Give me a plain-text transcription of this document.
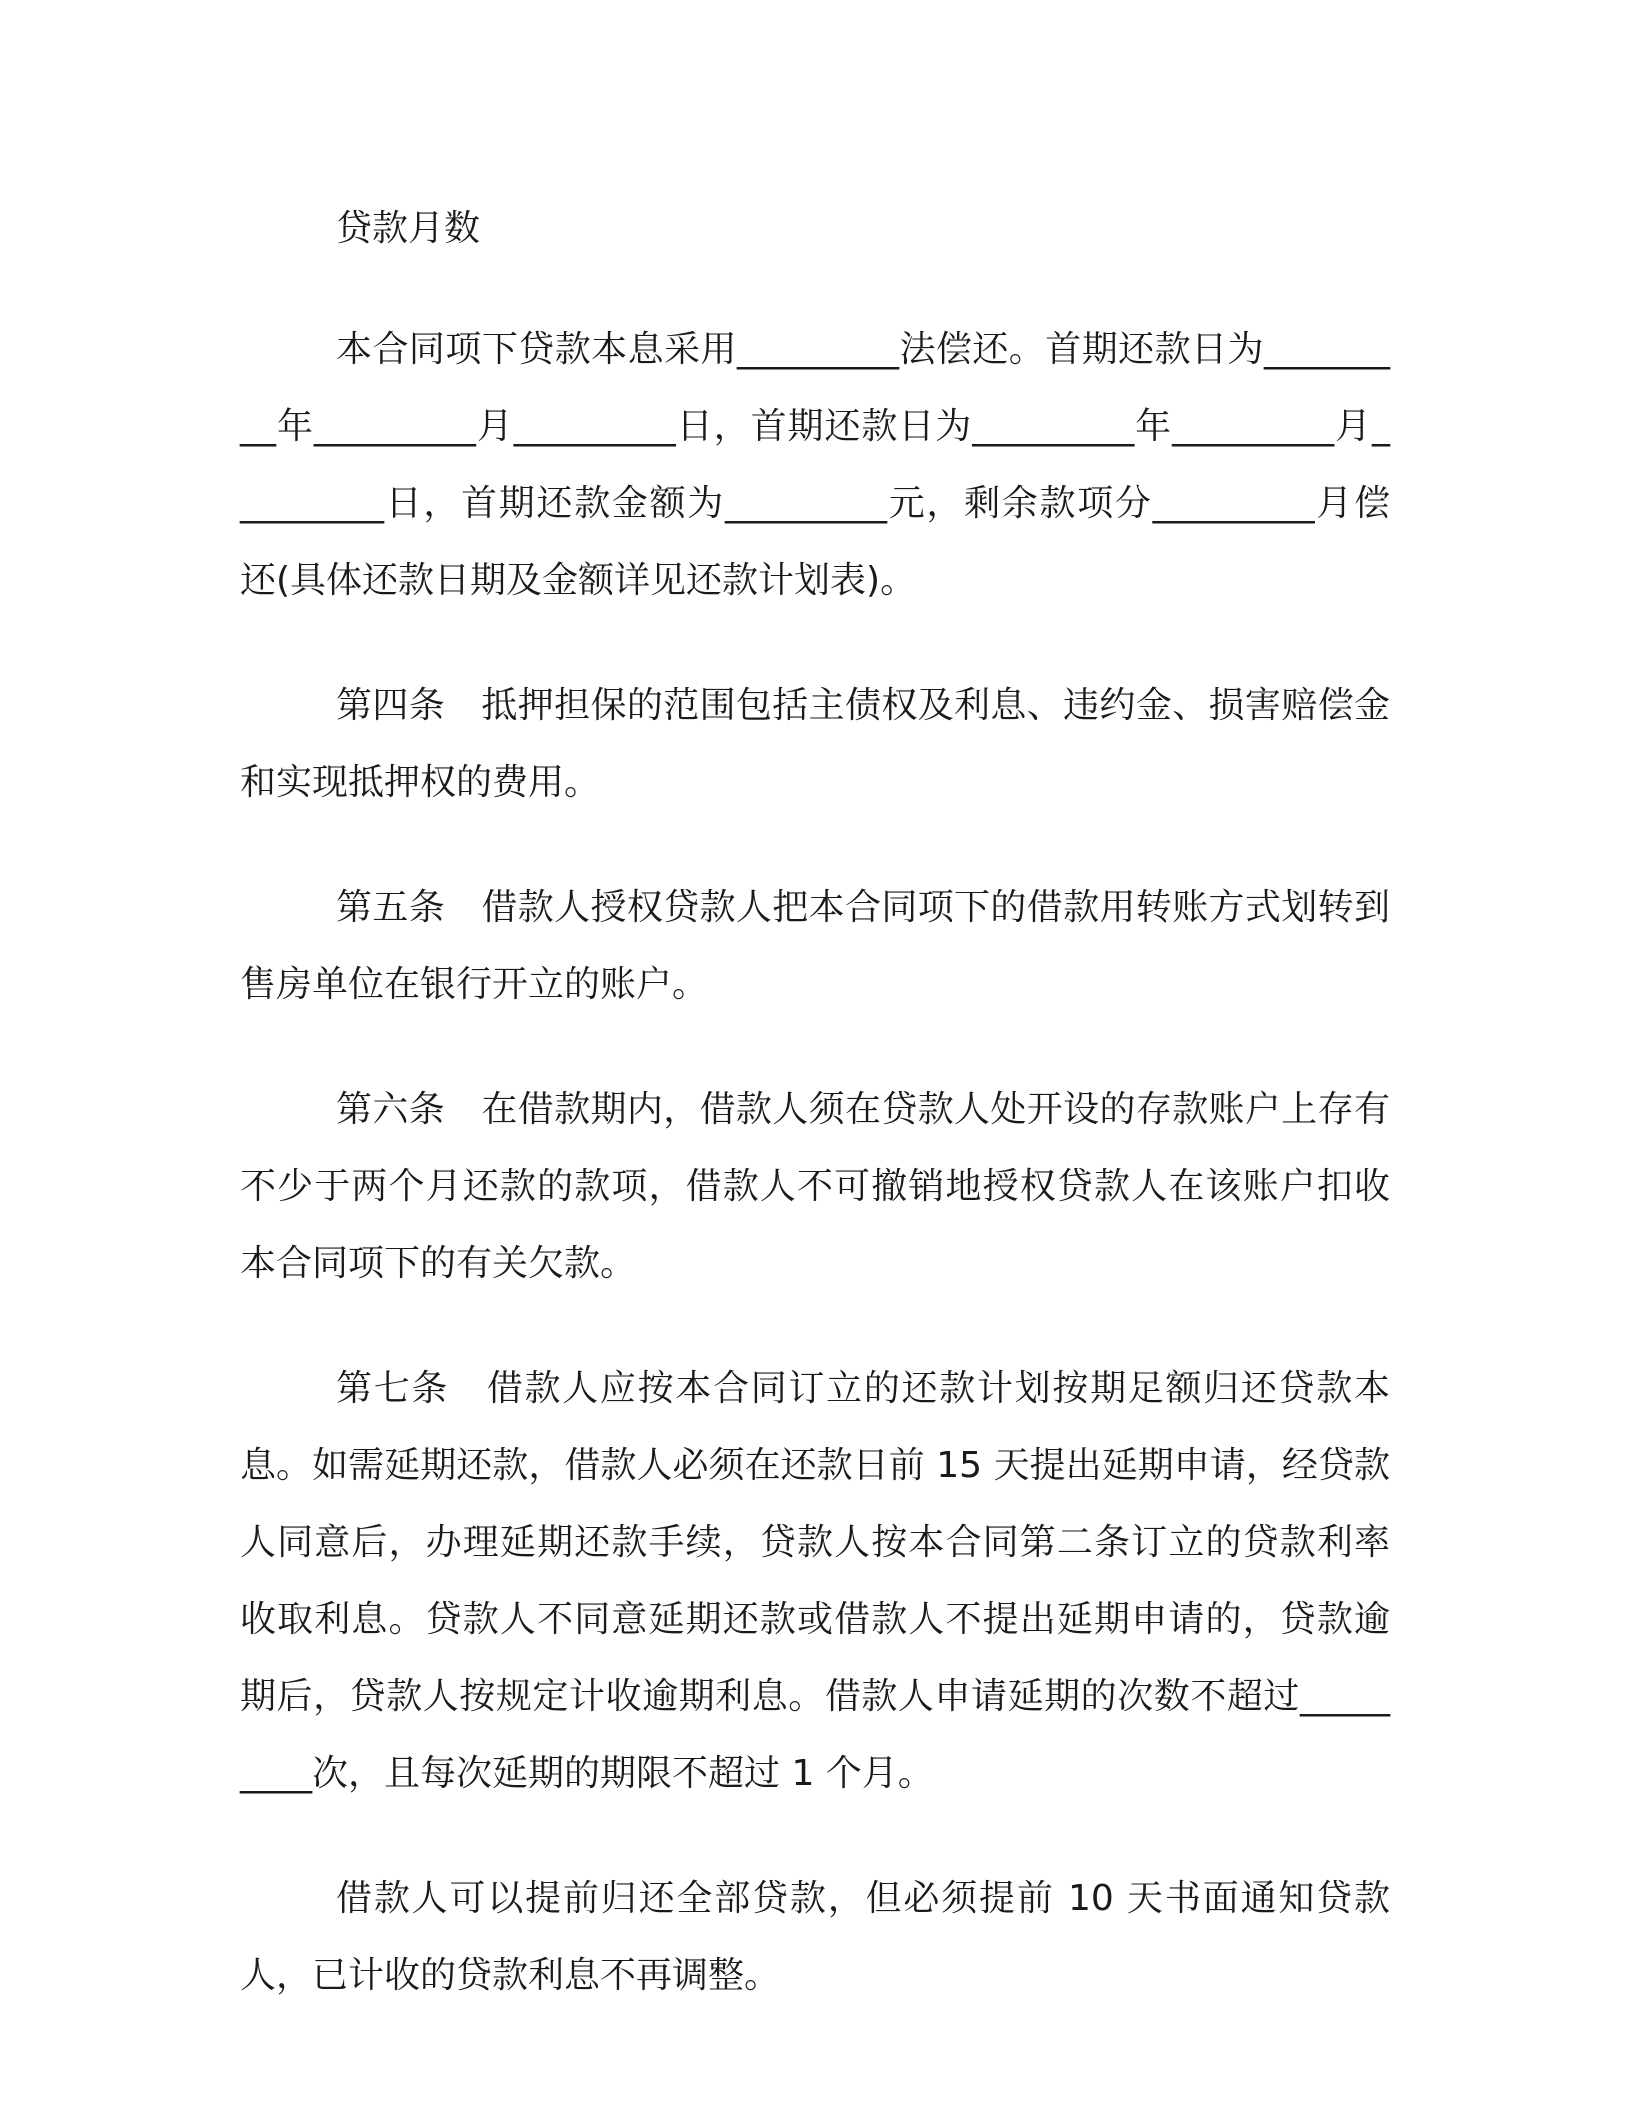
贷款月数

本合同项下贷款本息采用_________法偿还。首期还款日为_________年_________月_________日，首期还款日为_________年_________月_________日，首期还款金额为_________元，剩余款项分_________月偿还(具体还款日期及金额详见还款计划表)。

第四条　抵押担保的范围包括主债权及利息、违约金、损害赔偿金和实现抵押权的费用。

第五条　借款人授权贷款人把本合同项下的借款用转账方式划转到售房单位在银行开立的账户。

第六条　在借款期内，借款人须在贷款人处开设的存款账户上存有不少于两个月还款的款项，借款人不可撤销地授权贷款人在该账户扣收本合同项下的有关欠款。

第七条　借款人应按本合同订立的还款计划按期足额归还贷款本息。如需延期还款，借款人必须在还款日前 15 天提出延期申请，经贷款人同意后，办理延期还款手续，贷款人按本合同第二条订立的贷款利率收取利息。贷款人不同意延期还款或借款人不提出延期申请的，贷款逾期后，贷款人按规定计收逾期利息。借款人申请延期的次数不超过_________次，且每次延期的期限不超过 1 个月。

借款人可以提前归还全部贷款，但必须提前 10 天书面通知贷款人，已计收的贷款利息不再调整。
